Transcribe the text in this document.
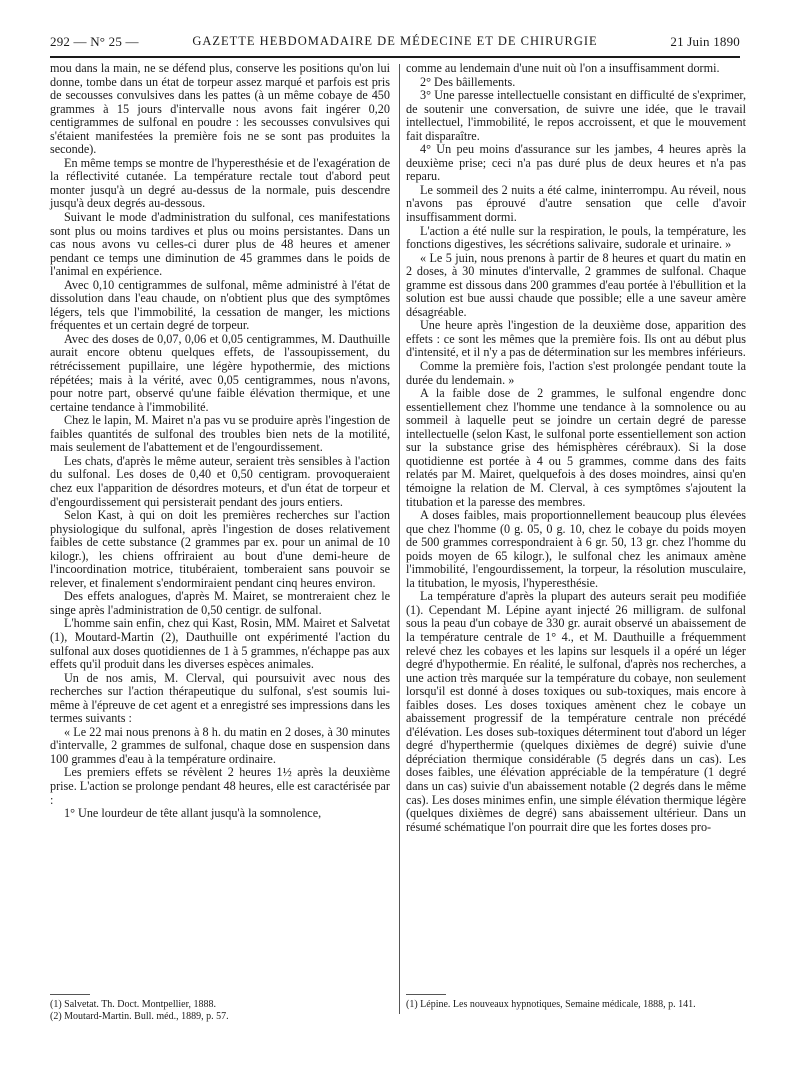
292 — N° 25 —	GAZETTE HEBDOMADAIRE DE MÉDECINE ET DE CHIRURGIE	21 Juin 1890

mou dans la main, ne se défend plus, conserve les positions qu'on lui donne, tombe dans un état de torpeur assez marqué et parfois est pris de secousses convulsives dans les pattes (à un même cobaye de 450 grammes à 15 jours d'intervalle nous avons fait ingérer 0,20 centigrammes de sulfonal en poudre : les secousses convulsives qui s'étaient manifestées la première fois ne se sont pas produites la seconde).

En même temps se montre de l'hyperesthésie et de l'exagération de la réflectivité cutanée. La température rectale tout d'abord peut monter jusqu'à un degré au-dessus de la normale, puis descendre jusqu'à deux degrés au-dessous.

Suivant le mode d'administration du sulfonal, ces manifestations sont plus ou moins tardives et plus ou moins persistantes. Dans un cas nous avons vu celles-ci durer plus de 48 heures et amener pendant ce temps une diminution de 45 grammes dans le poids de l'animal en expérience.

Avec 0,10 centigrammes de sulfonal, même administré à l'état de dissolution dans l'eau chaude, on n'obtient plus que des symptômes légers, tels que l'immobilité, la cessation de manger, les mictions fréquentes et un certain degré de torpeur.

Avec des doses de 0,07, 0,06 et 0,05 centigrammes, M. Dauthuille aurait encore obtenu quelques effets, de l'assoupissement, du rétrécissement pupillaire, une légère hypothermie, des mictions répétées; mais à la vérité, avec 0,05 centigrammes, nous n'avons, pour notre part, observé qu'une faible élévation thermique, et une certaine tendance à l'immobilité.

Chez le lapin, M. Mairet n'a pas vu se produire après l'ingestion de faibles quantités de sulfonal des troubles bien nets de la motilité, mais seulement de l'abattement et de l'engourdissement.

Les chats, d'après le même auteur, seraient très sensibles à l'action du sulfonal. Les doses de 0,40 et 0,50 centigram. provoqueraient chez eux l'apparition de désordres moteurs, et d'un état de torpeur et d'engourdissement qui persisterait pendant des jours entiers.

Selon Kast, à qui on doit les premières recherches sur l'action physiologique du sulfonal, après l'ingestion de doses relativement faibles de cette substance (2 grammes par ex. pour un animal de 10 kilogr.), les chiens offriraient au bout d'une demi-heure de l'incoordination motrice, titubéraient, tomberaient sans pouvoir se relever, et finalement s'endormiraient pendant cinq heures environ.

Des effets analogues, d'après M. Mairet, se montreraient chez le singe après l'administration de 0,50 centigr. de sulfonal.

L'homme sain enfin, chez qui Kast, Rosin, MM. Mairet et Salvetat (1), Moutard-Martin (2), Dauthuille ont expérimenté l'action du sulfonal aux doses quotidiennes de 1 à 5 grammes, n'échappe pas aux effets qu'il produit dans les diverses espèces animales.

Un de nos amis, M. Clerval, qui poursuivit avec nous des recherches sur l'action thérapeutique du sulfonal, s'est soumis lui-même à l'épreuve de cet agent et a enregistré ses impressions dans les termes suivants :

« Le 22 mai nous prenons à 8 h. du matin en 2 doses, à 30 minutes d'intervalle, 2 grammes de sulfonal, chaque dose en suspension dans 100 grammes d'eau à la température ordinaire.

Les premiers effets se révèlent 2 heures 1½ après la deuxième prise. L'action se prolonge pendant 48 heures, elle est caractérisée par :

1° Une lourdeur de tête allant jusqu'à la somnolence,

comme au lendemain d'une nuit où l'on a insuffisamment dormi.

2° Des bâillements.

3° Une paresse intellectuelle consistant en difficulté de s'exprimer, de soutenir une conversation, de suivre une idée, que le travail intellectuel, l'immobilité, le repos accroissent, et que le mouvement fait disparaître.

4° Un peu moins d'assurance sur les jambes, 4 heures après la deuxième prise; ceci n'a pas duré plus de deux heures et n'a pas reparu.

Le sommeil des 2 nuits a été calme, ininterrompu. Au réveil, nous n'avons pas éprouvé d'autre sensation que celle d'avoir insuffisamment dormi.

L'action a été nulle sur la respiration, le pouls, la température, les fonctions digestives, les sécrétions salivaire, sudorale et urinaire. »

« Le 5 juin, nous prenons à partir de 8 heures et quart du matin en 2 doses, à 30 minutes d'intervalle, 2 grammes de sulfonal. Chaque gramme est dissous dans 200 grammes d'eau portée à l'ébullition et la solution est bue aussi chaude que possible; elle a une saveur amère désagréable.

Une heure après l'ingestion de la deuxième dose, apparition des effets : ce sont les mêmes que la première fois. Ils ont au début plus d'intensité, et il n'y a pas de détermination sur les membres inférieurs.

Comme la première fois, l'action s'est prolongée pendant toute la durée du lendemain. »

A la faible dose de 2 grammes, le sulfonal engendre donc essentiellement chez l'homme une tendance à la somnolence ou au sommeil à laquelle peut se joindre un certain degré de paresse intellectuelle (selon Kast, le sulfonal porte essentiellement son action sur la substance grise des hémisphères cérébraux). Si la dose quotidienne est portée à 4 ou 5 grammes, comme dans des faits relatés par M. Mairet, quelquefois à des doses moindres, ainsi qu'en témoigne la relation de M. Clerval, à ces symptômes s'ajoutent la titubation et la paresse des membres.

A doses faibles, mais proportionnellement beaucoup plus élevées que chez l'homme (0 g. 05, 0 g. 10, chez le cobaye du poids moyen de 500 grammes correspondraient à 6 gr. 50, 13 gr. chez l'homme du poids moyen de 65 kilogr.), le sulfonal chez les animaux amène l'immobilité, l'engourdissement, la torpeur, la résolution musculaire, la titubation, le myosis, l'hyperesthésie.

La température d'après la plupart des auteurs serait peu modifiée (1). Cependant M. Lépine ayant injecté 26 milligram. de sulfonal sous la peau d'un cobaye de 330 gr. aurait observé un abaissement de la température centrale de 1° 4., et M. Dauthuille a fréquemment relevé chez les cobayes et les lapins sur lesquels il a opéré un léger degré d'hypothermie. En réalité, le sulfonal, d'après nos recherches, a une action très marquée sur la température du cobaye, non seulement lorsqu'il est donné à doses toxiques ou sub-toxiques, mais encore à faibles doses. Les doses toxiques amènent chez le cobaye un abaissement progressif de la température centrale non précédé d'élévation. Les doses sub-toxiques déterminent tout d'abord un léger degré d'hyperthermie (quelques dixièmes de degré) suivie d'une dépréciation thermique considérable (5 degrés dans un cas). Les doses faibles, une élévation appréciable de la température (1 degré dans un cas) suivie d'un abaissement notable (2 degrés dans le même cas). Les doses minimes enfin, une simple élévation thermique légère (quelques dixièmes de degré) sans abaissement ultérieur. Dans un résumé schématique l'on pourrait dire que les fortes doses pro-

(1) Salvetat. Th. Doct. Montpellier, 1888.

(2) Moutard-Martin. Bull. méd., 1889, p. 57.

(1) Lépine. Les nouveaux hypnotiques, Semaine médicale, 1888, p. 141.
